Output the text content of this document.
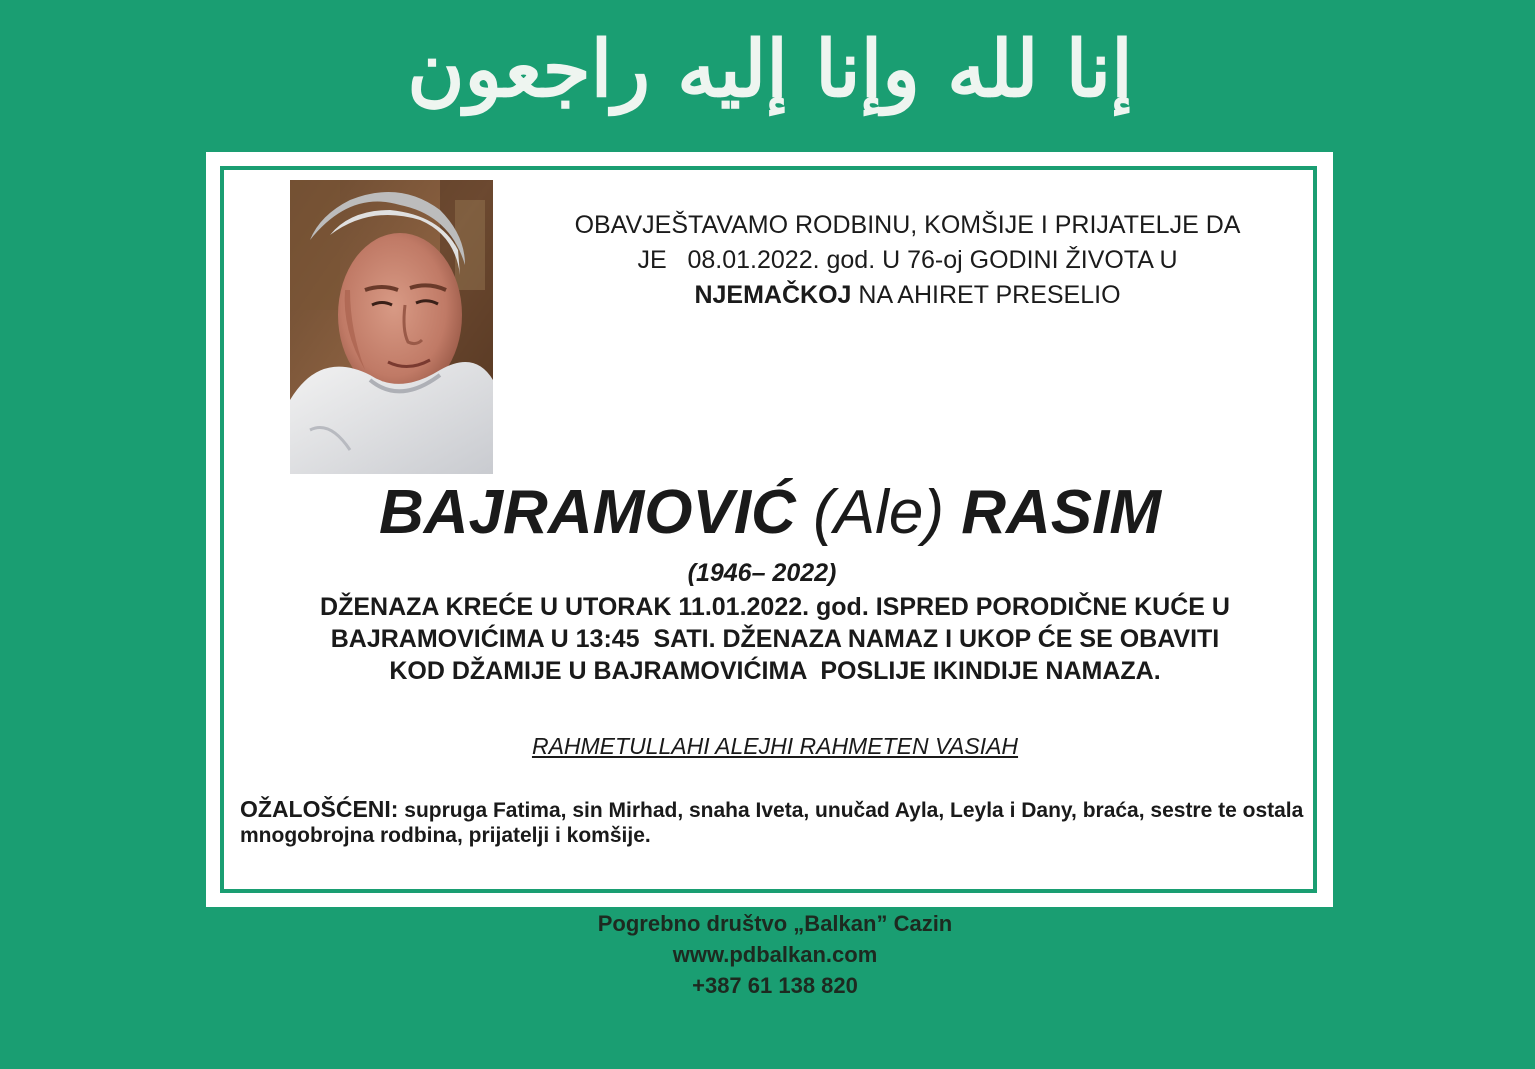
إنا لله وإنا إليه راجعون
OBAVJEŠTAVAMO RODBINU, KOMŠIJE I PRIJATELJE DA
JE   08.01.2022. god. U 76-oj GODINI ŽIVOTA U
NJEMAČKOJ NA AHIRET PRESELIO
BAJRAMOVIĆ (Ale) RASIM
(1946– 2022)
DŽENAZA KREĆE U UTORAK 11.01.2022. god. ISPRED PORODIČNE KUĆE U
BAJRAMOVIĆIMA U 13:45  SATI. DŽENAZA NAMAZ I UKOP ĆE SE OBAVITI
KOD DŽAMIJE U BAJRAMOVIĆIMA  POSLIJE IKINDIJE NAMAZA.
RAHMETULLAHI ALEJHI RAHMETEN VASIAH
OŽALOŠĆENI: supruga Fatima, sin Mirhad, snaha Iveta, unučad Ayla, Leyla i Dany, braća, sestre te ostala mnogobrojna rodbina, prijatelji i komšije.
Pogrebno društvo „Balkan” Cazin
www.pdbalkan.com
+387 61 138 820
